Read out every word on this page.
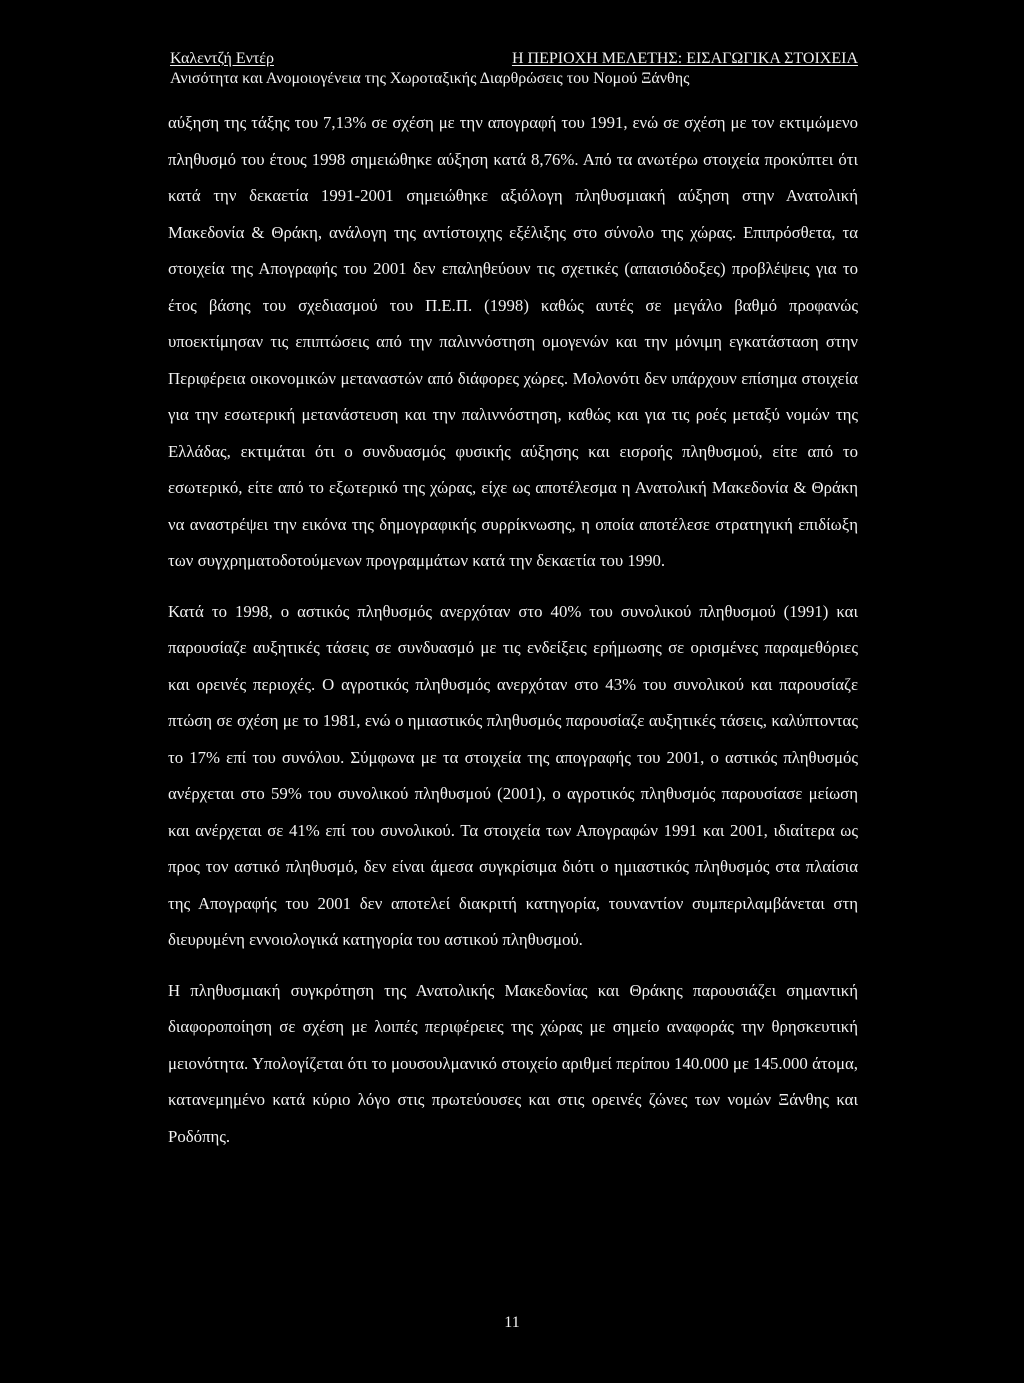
Καλεντζή Εντέρ	Η ΠΕΡΙΟΧΗ ΜΕΛΕΤΗΣ: ΕΙΣΑΓΩΓΙΚΑ ΣΤΟΙΧΕΙΑ
Ανισότητα και Ανομοιογένεια της Χωροταξικής Διαρθρώσεις του Νομού Ξάνθης

αύξηση της τάξης του 7,13% σε σχέση με την απογραφή του 1991, ενώ σε σχέση με τον εκτιμώμενο πληθυσμό του έτους 1998 σημειώθηκε αύξηση κατά 8,76%. Από τα ανωτέρω στοιχεία προκύπτει ότι κατά την δεκαετία 1991-2001 σημειώθηκε αξιόλογη πληθυσμιακή αύξηση στην Ανατολική Μακεδονία & Θράκη, ανάλογη της αντίστοιχης εξέλιξης στο σύνολο της χώρας. Επιπρόσθετα, τα στοιχεία της Απογραφής του 2001 δεν επαληθεύουν τις σχετικές (απαισιόδοξες) προβλέψεις για το έτος βάσης του σχεδιασμού του Π.Ε.Π. (1998) καθώς αυτές σε μεγάλο βαθμό προφανώς υποεκτίμησαν τις επιπτώσεις από την παλιννόστηση ομογενών και την μόνιμη εγκατάσταση στην Περιφέρεια οικονομικών μεταναστών από διάφορες χώρες. Μολονότι δεν υπάρχουν επίσημα στοιχεία για την εσωτερική μετανάστευση και την παλιννόστηση, καθώς και για τις ροές μεταξύ νομών της Ελλάδας, εκτιμάται ότι ο συνδυασμός φυσικής αύξησης και εισροής πληθυσμού, είτε από το εσωτερικό, είτε από το εξωτερικό της χώρας, είχε ως αποτέλεσμα η Ανατολική Μακεδονία & Θράκη να αναστρέψει την εικόνα της δημογραφικής συρρίκνωσης, η οποία αποτέλεσε στρατηγική επιδίωξη των συγχρηματοδοτούμενων προγραμμάτων κατά την δεκαετία του 1990.

Κατά το 1998, ο αστικός πληθυσμός ανερχόταν στο 40% του συνολικού πληθυσμού (1991) και παρουσίαζε αυξητικές τάσεις σε συνδυασμό με τις ενδείξεις ερήμωσης σε ορισμένες παραμεθόριες και ορεινές περιοχές. Ο αγροτικός πληθυσμός ανερχόταν στο 43% του συνολικού και παρουσίαζε πτώση σε σχέση με το 1981, ενώ ο ημιαστικός πληθυσμός παρουσίαζε αυξητικές τάσεις, καλύπτοντας το 17% επί του συνόλου. Σύμφωνα με τα στοιχεία της απογραφής του 2001, ο αστικός πληθυσμός ανέρχεται στο 59% του συνολικού πληθυσμού (2001), ο αγροτικός πληθυσμός παρουσίασε μείωση και ανέρχεται σε 41% επί του συνολικού. Τα στοιχεία των Απογραφών 1991 και 2001, ιδιαίτερα ως προς τον αστικό πληθυσμό, δεν είναι άμεσα συγκρίσιμα διότι ο ημιαστικός πληθυσμός στα πλαίσια της Απογραφής του 2001 δεν αποτελεί διακριτή κατηγορία, τουναντίον συμπεριλαμβάνεται στη διευρυμένη εννοιολογικά κατηγορία του αστικού πληθυσμού.

Η πληθυσμιακή συγκρότηση της Ανατολικής Μακεδονίας και Θράκης παρουσιάζει σημαντική διαφοροποίηση σε σχέση με λοιπές περιφέρειες της χώρας με σημείο αναφοράς την θρησκευτική μειονότητα. Υπολογίζεται ότι το μουσουλμανικό στοιχείο αριθμεί περίπου 140.000 με 145.000 άτομα, κατανεμημένο κατά κύριο λόγο στις πρωτεύουσες και στις ορεινές ζώνες των νομών Ξάνθης και Ροδόπης.

11
